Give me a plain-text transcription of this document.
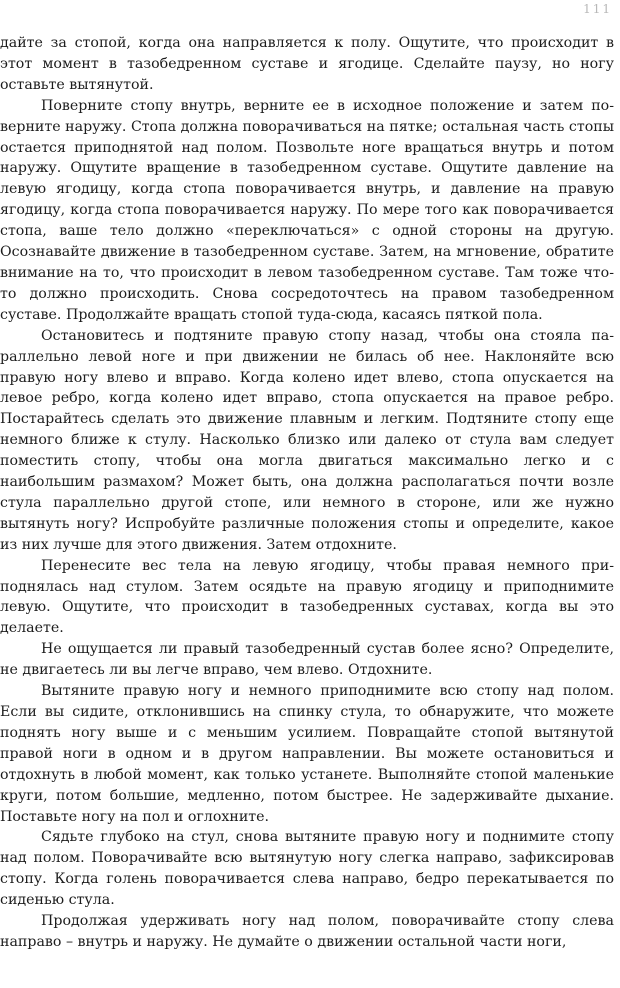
111

дайте за стопой, когда она направляется к полу. Ощутите, что происходит в этот момент в тазобедренном суставе и ягодице. Сделайте паузу, но ногу оставьте вытянутой.

Поверните стопу внутрь, верните ее в исходное положение и затем поверните наружу. Стопа должна поворачиваться на пятке; остальная часть стопы остается приподнятой над полом. Позвольте ноге вращаться внутрь и потом наружу. Ощутите вращение в тазобедренном суставе. Ощутите давление на левую ягодицу, когда стопа поворачивается внутрь, и давление на правую ягодицу, когда стопа поворачивается наружу. По мере того как поворачивается стопа, ваше тело должно «переключаться» с одной стороны на другую. Осознавайте движение в тазобедренном суставе. Затем, на мгновение, обратите внимание на то, что происходит в левом тазобедренном суставе. Там тоже что-то должно происходить. Снова сосредоточтесь на правом тазобедренном суставе. Продолжайте вращать стопой туда-сюда, касаясь пяткой пола.

Остановитесь и подтяните правую стопу назад, чтобы она стояла параллельно левой ноге и при движении не билась об нее. Наклоняйте всю правую ногу влево и вправо. Когда колено идет влево, стопа опускается на левое ребро, когда колено идет вправо, стопа опускается на правое ребро. Постарайтесь сделать это движение плавным и легким. Подтяните стопу еще немного ближе к стулу. Насколько близко или далеко от стула вам следует поместить стопу, чтобы она могла двигаться максимально легко и с наибольшим размахом? Может быть, она должна располагаться почти возле стула параллельно другой стопе, или немного в стороне, или же нужно вытянуть ногу? Испробуйте различные положения стопы и определите, какое из них лучше для этого движения. Затем отдохните.

Перенесите вес тела на левую ягодицу, чтобы правая немного приподнялась над стулом. Затем осядьте на правую ягодицу и приподнимите левую. Ощутите, что происходит в тазобедренных суставах, когда вы это делаете.

Не ощущается ли правый тазобедренный сустав более ясно? Определите, не двигаетесь ли вы легче вправо, чем влево. Отдохните.

Вытяните правую ногу и немного приподнимите всю стопу над полом. Если вы сидите, отклонившись на спинку стула, то обнаружите, что можете поднять ногу выше и с меньшим усилием. Повращайте стопой вытянутой правой ноги в одном и в другом направлении. Вы можете остановиться и отдохнуть в любой момент, как только устанете. Выполняйте стопой маленькие круги, потом большие, медленно, потом быстрее. Не задерживайте дыхание. Поставьте ногу на пол и оглохните.

Сядьте глубоко на стул, снова вытяните правую ногу и поднимите стопу над полом. Поворачивайте всю вытянутую ногу слегка направо, зафиксировав стопу. Когда голень поворачивается слева направо, бедро перекатывается по сиденью стула.

Продолжая удерживать ногу над полом, поворачивайте стопу слева направо – внутрь и наружу. Не думайте о движении остальной части ноги,
